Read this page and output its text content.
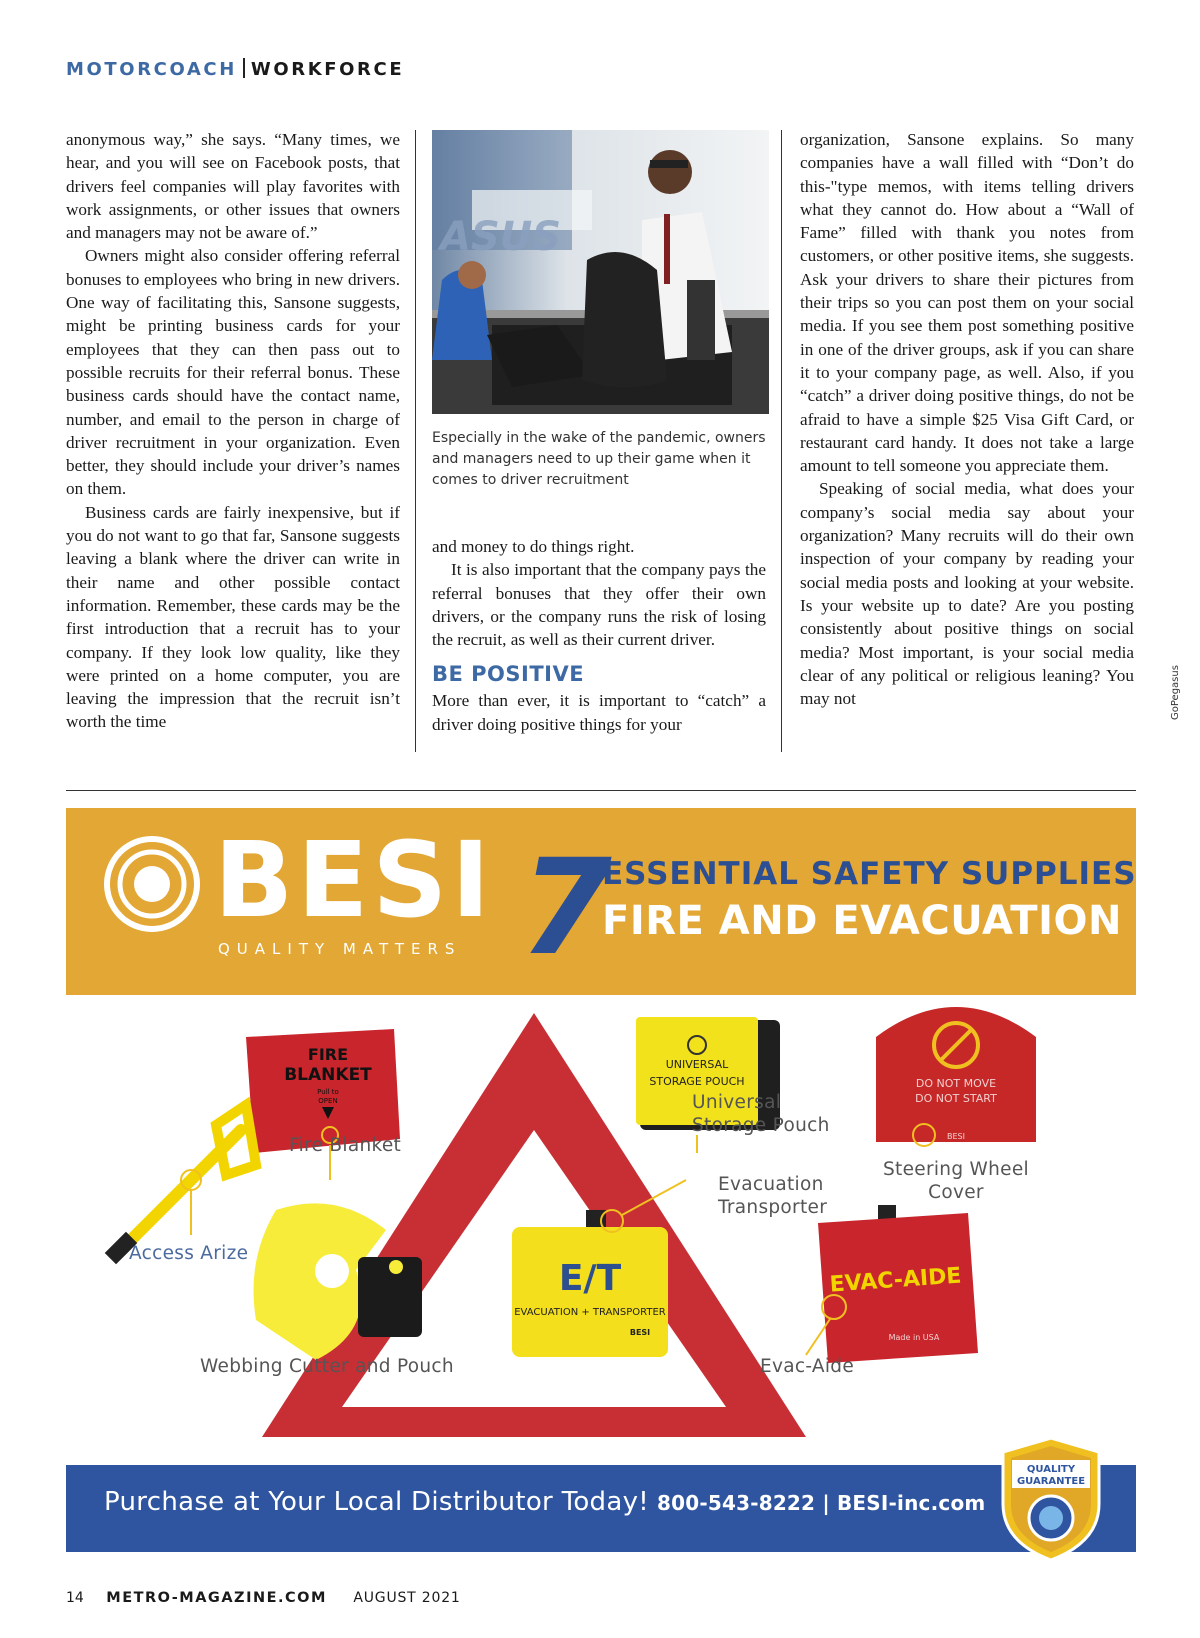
MOTORCOACH WORKFORCE

anonymous way,” she says. “Many times, we hear, and you will see on Facebook posts, that drivers feel companies will play favorites with work assignments, or other issues that owners and managers may not be aware of.”

Owners might also consider offering referral bonuses to employees who bring in new drivers. One way of facilitating this, Sansone suggests, might be printing business cards for your employees that they can then pass out to possible recruits for their referral bonus. These business cards should have the contact name, number, and email to the person in charge of driver recruitment in your organization. Even better, they should include your driver’s names on them.

Business cards are fairly inexpensive, but if you do not want to go that far, Sansone suggests leaving a blank where the driver can write in their name and other possible contact information. Remember, these cards may be the first introduction that a recruit has to your company. If they look low quality, like they were printed on a home computer, you are leaving the impression that the recruit isn’t worth the time

ASUS
Especially in the wake of the pandemic, owners and managers need to up their game when it comes to driver recruitment
GoPegasus

and money to do things right.

It is also important that the company pays the referral bonuses that they offer their own drivers, or the company runs the risk of losing the recruit, as well as their current driver.

BE POSITIVE

More than ever, it is important to “catch” a driver doing positive things for your

organization, Sansone explains. So many companies have a wall filled with “Don’t do this-"type memos, with items telling drivers what they cannot do. How about a “Wall of Fame” filled with thank you notes from customers, or other positive items, she suggests. Ask your drivers to share their pictures from their trips so you can post them on your social media. If you see them post something positive in one of the driver groups, ask if you can share it to your company page, as well. Also, if you “catch” a driver doing positive things, do not be afraid to have a simple $25 Visa Gift Card, or restaurant card handy. It does not take a large amount to tell someone you appreciate them.

Speaking of social media, what does your company’s social media say about your organization? Many recruits will do their own inspection of your company by reading your social media posts and looking at your website. Is your website up to date? Are you posting consistently about positive things on social media? Most important, is your social media clear of any political or religious leaning? You may not

BESI
QUALITY MATTERS 7
ESSENTIAL SAFETY SUPPLIES
FIRE AND EVACUATION
FIRE
BLANKET
Pull to
OPEN
UNIVERSAL
STORAGE POUCH	DO NOT MOVE
DO NOT START
BESI
E/T
EVACUATION + TRANSPORTER
BESI
EVAC-AIDE
Made in USA
Fire Blanket
Universal
Storage Pouch
Steering Wheel
Cover
Evacuation
Transporter
Access Arize
Webbing Cutter and Pouch	Evac-Aide
Purchase at Your Local Distributor Today! 800-543-8222 | BESI-inc.com
QUALITY
GUARANTEE
14 METRO-MAGAZINE.COM AUGUST 2021
